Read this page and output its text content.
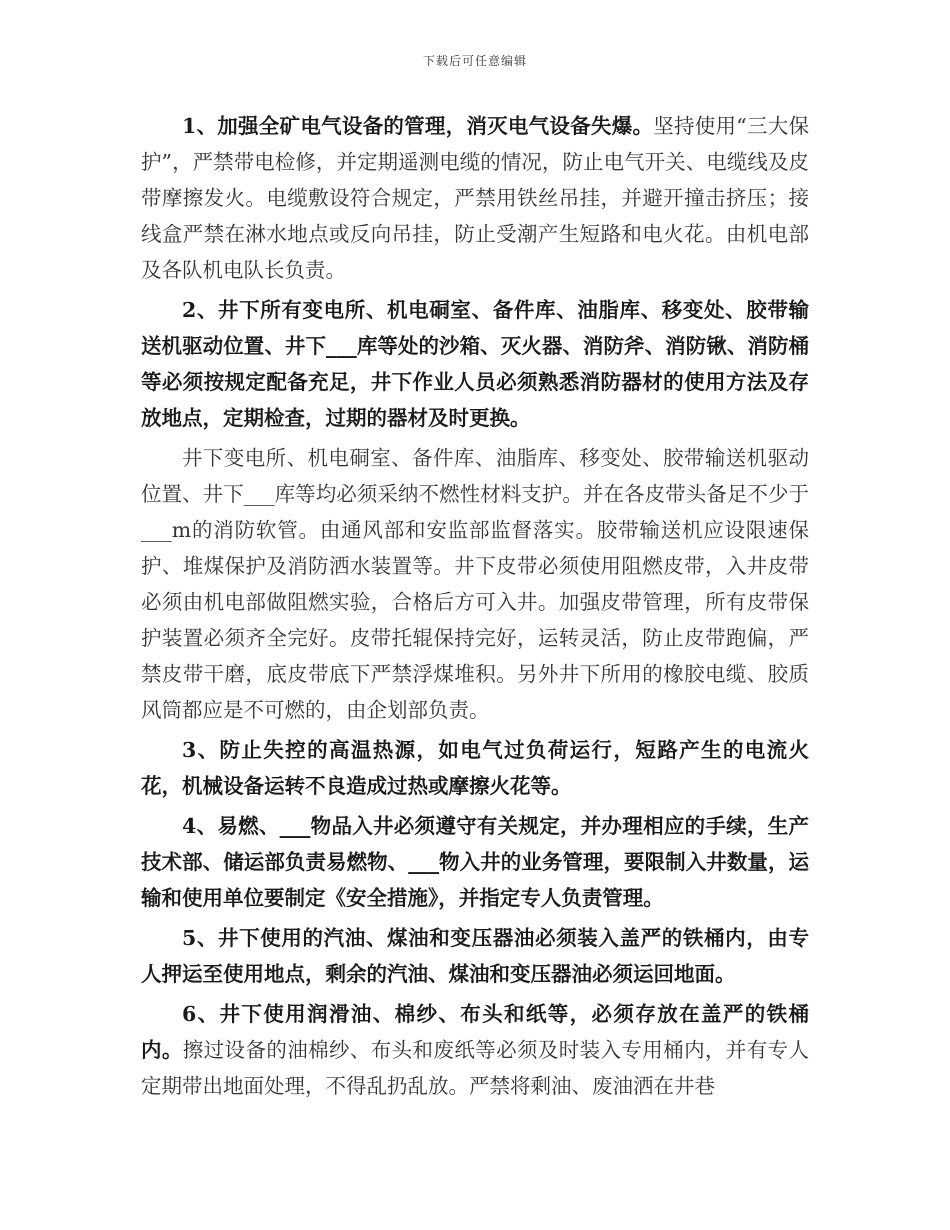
下载后可任意编辑

1、加强全矿电气设备的管理，消灭电气设备失爆。坚持使用“三大保护”，严禁带电检修，并定期遥测电缆的情况，防止电气开关、电缆线及皮带摩擦发火。电缆敷设符合规定，严禁用铁丝吊挂，并避开撞击挤压；接线盒严禁在淋水地点或反向吊挂，防止受潮产生短路和电火花。由机电部及各队机电队长负责。

2、井下所有变电所、机电硐室、备件库、油脂库、移变处、胶带输送机驱动位置、井下___库等处的沙箱、灭火器、消防斧、消防锹、消防桶等必须按规定配备充足，井下作业人员必须熟悉消防器材的使用方法及存放地点，定期检查，过期的器材及时更换。

井下变电所、机电硐室、备件库、油脂库、移变处、胶带输送机驱动位置、井下___库等均必须采纳不燃性材料支护。并在各皮带头备足不少于___m的消防软管。由通风部和安监部监督落实。胶带输送机应设限速保护、堆煤保护及消防洒水装置等。井下皮带必须使用阻燃皮带，入井皮带必须由机电部做阻燃实验，合格后方可入井。加强皮带管理，所有皮带保护装置必须齐全完好。皮带托辊保持完好，运转灵活，防止皮带跑偏，严禁皮带干磨，底皮带底下严禁浮煤堆积。另外井下所用的橡胶电缆、胶质风筒都应是不可燃的，由企划部负责。

3、防止失控的高温热源，如电气过负荷运行，短路产生的电流火花，机械设备运转不良造成过热或摩擦火花等。

4、易燃、___物品入井必须遵守有关规定，并办理相应的手续，生产技术部、储运部负责易燃物、___物入井的业务管理，要限制入井数量，运输和使用单位要制定《安全措施》，并指定专人负责管理。

5、井下使用的汽油、煤油和变压器油必须装入盖严的铁桶内，由专人押运至使用地点，剩余的汽油、煤油和变压器油必须运回地面。

6、井下使用润滑油、棉纱、布头和纸等，必须存放在盖严的铁桶内。擦过设备的油棉纱、布头和废纸等必须及时装入专用桶内，并有专人定期带出地面处理，不得乱扔乱放。严禁将剩油、废油洒在井巷
